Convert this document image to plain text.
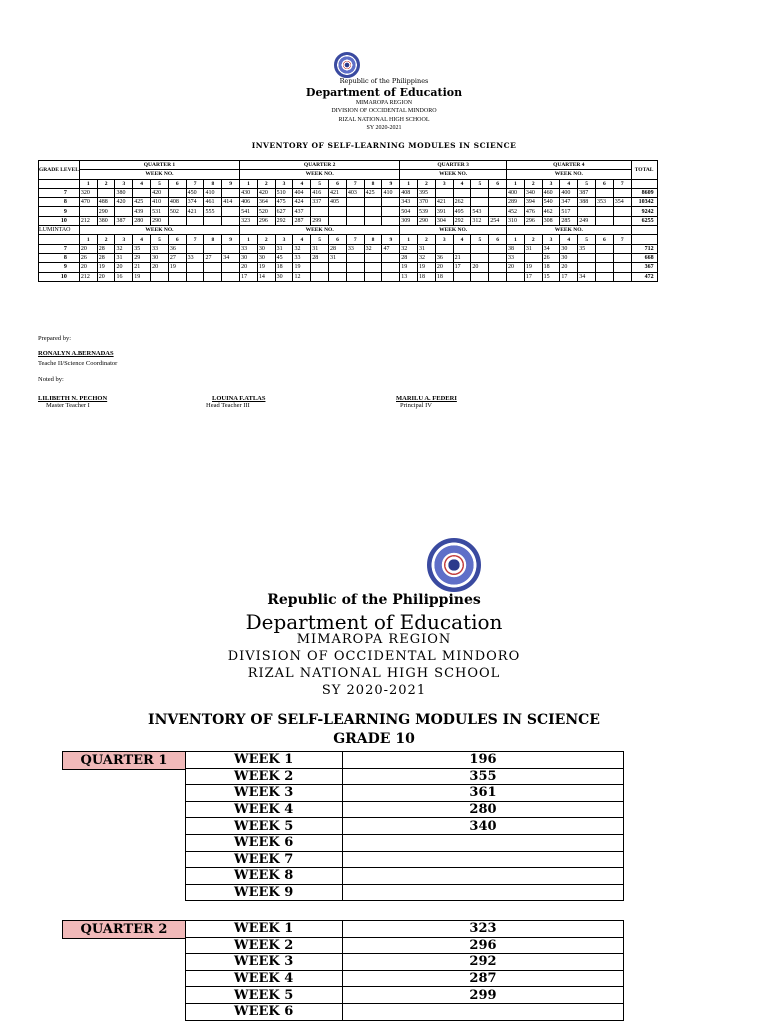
Republic of the Philippines
Department of Education
MIMAROPA REGION
DIVISION OF OCCIDENTAL MINDORO
RIZAL NATIONAL HIGH SCHOOL
SY 2020-2021
INVENTORY OF SELF-LEARNING MODULES IN SCIENCE
GRADE LEVEL	QUARTER 1									QUARTER 2									QUARTER 3						QUARTER 4							TOTAL
	WEEK NO.									WEEK NO.									WEEK NO.						WEEK NO.							
	1	2	3	4	5	6	7	8	9	1	2	3	4	5	6	7	8	9	1	2	3	4	5	6	1	2	3	4	5	6	7	
7	320		380		420		450	410		430	420	510	404	416	421	403	425	410	408	395					400	340	460	400	387			8609
8	470	488	420	425	410	408	374	461	414	406	364	475	424	337	405				343	370	421	262			289	394	540	347	388	353	354	10342
9		290		439	531	502	421	555		541	520	627	437						504	539	391	495	543		452	476	462	517				9242
10	212	380	387	280	290					323	296	292	287	299					309	290	304	292	312	254	310	296	308	285	249			6255
LUMINTAO	WEEK NO.									WEEK NO.									WEEK NO.						WEEK NO.							
	1	2	3	4	5	6	7	8	9	1	2	3	4	5	6	7	8	9	1	2	3	4	5	6	1	2	3	4	5	6	7	
7	20	28	32	35	33	36				33	30	31	32	31	28	33	32	47	32	31					38	31	34	30	35			712
8	26	28	31	29	30	27	33	27	34	30	30	45	33	28	31				28	32	36	21			33		26	30				668
9	20	19	20	21	20	19				20	19	18	19						19	19	20	17	20		20	19	18	20				367
10	212	20	16	19						17	14	30	12						13	18	18					17	15	17	34			472
Prepared by:
RONALYN A.BERNADAS
Teache II/Science Coordinator
Noted by:
LILIBETH N. PECHON
Master Teacher I
LOUINA F.ATLAS
Head Teacher III
MARILU A. FEDERI
Principal IV
Republic of the Philippines
Department of Education
MIMAROPA REGION
DIVISION OF OCCIDENTAL MINDORO
RIZAL NATIONAL HIGH SCHOOL
SY 2020-2021
INVENTORY OF SELF-LEARNING MODULES IN SCIENCE
GRADE 10
QUARTER 1	WEEK 1	196
WEEK 2	355
WEEK 3	361
WEEK 4	280
WEEK 5	340
WEEK 6	
WEEK 7	
WEEK 8	
WEEK 9	
QUARTER 2	WEEK 1	323
WEEK 2	296
WEEK 3	292
WEEK 4	287
WEEK 5	299
WEEK 6	
